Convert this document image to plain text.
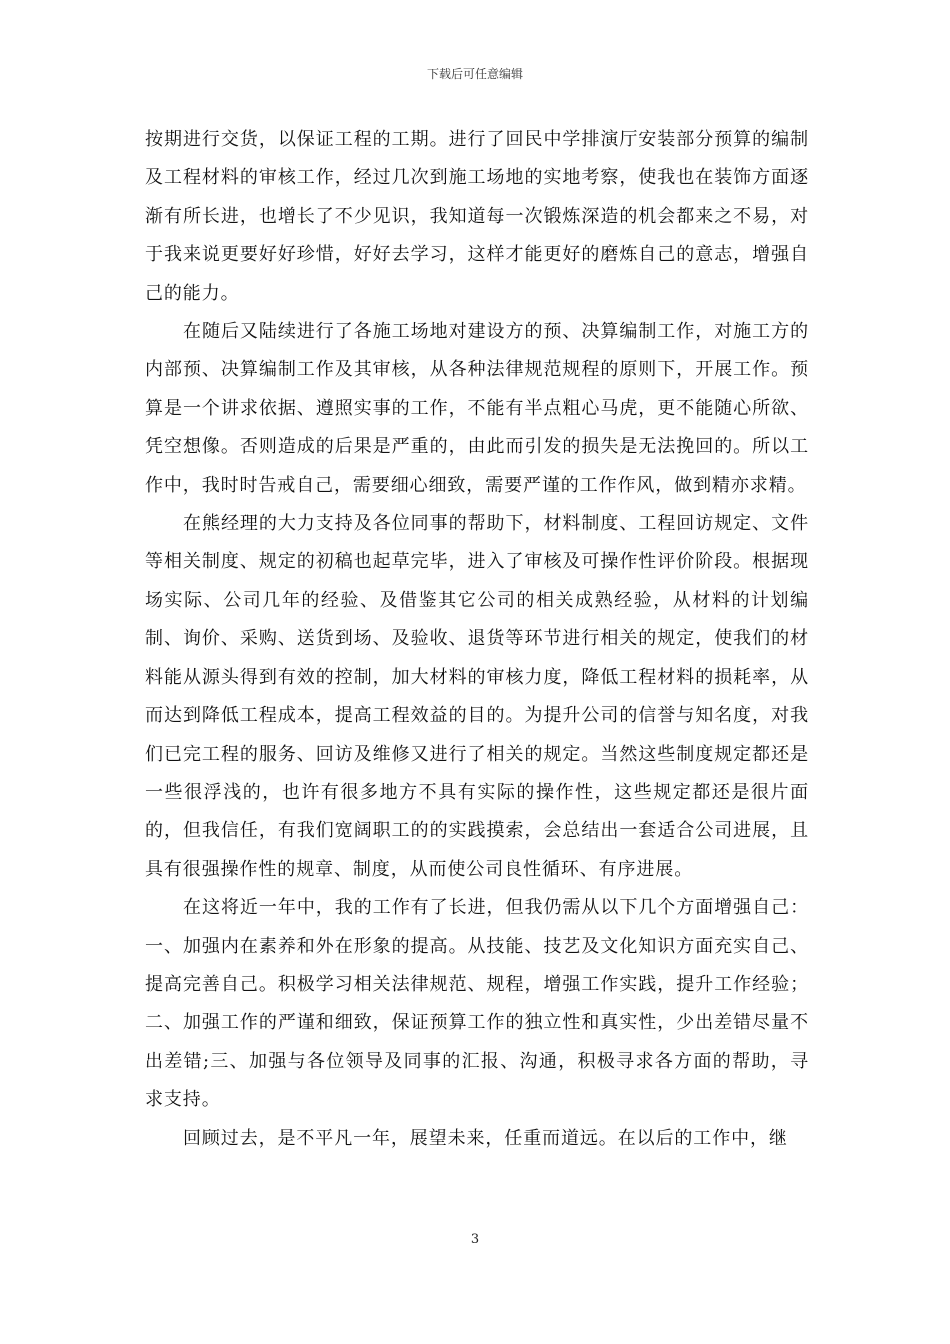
下载后可任意编辑

按期进行交货，以保证工程的工期。进行了回民中学排演厅安装部分预算的编制及工程材料的审核工作，经过几次到施工场地的实地考察，使我也在装饰方面逐渐有所长进，也增长了不少见识，我知道每一次锻炼深造的机会都来之不易，对于我来说更要好好珍惜，好好去学习，这样才能更好的磨炼自己的意志，增强自己的能力。

在随后又陆续进行了各施工场地对建设方的预、决算编制工作，对施工方的内部预、决算编制工作及其审核，从各种法律规范规程的原则下，开展工作。预算是一个讲求依据、遵照实事的工作，不能有半点粗心马虎，更不能随心所欲、凭空想像。否则造成的后果是严重的，由此而引发的损失是无法挽回的。所以工作中，我时时告戒自己，需要细心细致，需要严谨的工作作风，做到精亦求精。

在熊经理的大力支持及各位同事的帮助下，材料制度、工程回访规定、文件等相关制度、规定的初稿也起草完毕，进入了审核及可操作性评价阶段。根据现场实际、公司几年的经验、及借鉴其它公司的相关成熟经验，从材料的计划编制、询价、采购、送货到场、及验收、退货等环节进行相关的规定，使我们的材料能从源头得到有效的控制，加大材料的审核力度，降低工程材料的损耗率，从而达到降低工程成本，提高工程效益的目的。为提升公司的信誉与知名度，对我们已完工程的服务、回访及维修又进行了相关的规定。当然这些制度规定都还是一些很浮浅的，也许有很多地方不具有实际的操作性，这些规定都还是很片面的，但我信任，有我们宽阔职工的的实践摸索，会总结出一套适合公司进展，且具有很强操作性的规章、制度，从而使公司良性循环、有序进展。

在这将近一年中，我的工作有了长进，但我仍需从以下几个方面增强自己：一、加强内在素养和外在形象的提高。从技能、技艺及文化知识方面充实自己、提高完善自己。积极学习相关法律规范、规程，增强工作实践，提升工作经验；二、加强工作的严谨和细致，保证预算工作的独立性和真实性，少出差错尽量不出差错;三、加强与各位领导及同事的汇报、沟通，积极寻求各方面的帮助，寻求支持。

回顾过去，是不平凡一年，展望未来，任重而道远。在以后的工作中，继

3
